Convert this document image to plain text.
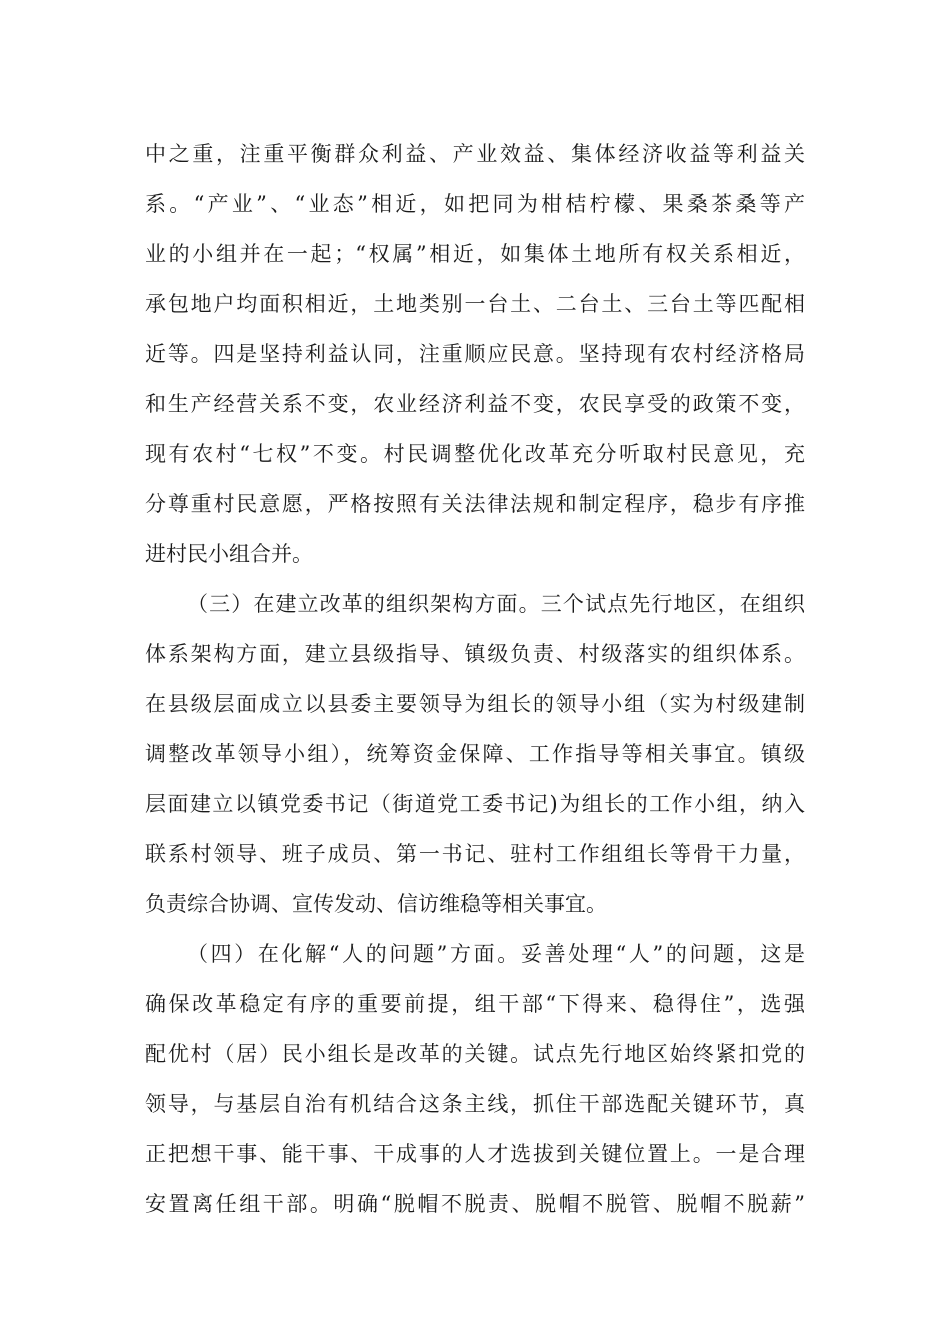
中之重，注重平衡群众利益、产业效益、集体经济收益等利益关
系。“产业”、“业态”相近，如把同为柑桔柠檬、果桑茶桑等产
业的小组并在一起；“权属”相近，如集体土地所有权关系相近，
承包地户均面积相近，土地类别一台土、二台土、三台土等匹配相
近等。四是坚持利益认同，注重顺应民意。坚持现有农村经济格局
和生产经营关系不变，农业经济利益不变，农民享受的政策不变，
现有农村“七权”不变。村民调整优化改革充分听取村民意见，充
分尊重村民意愿，严格按照有关法律法规和制定程序，稳步有序推
进村民小组合并。
（三）在建立改革的组织架构方面。三个试点先行地区，在组织
体系架构方面，建立县级指导、镇级负责、村级落实的组织体系。
在县级层面成立以县委主要领导为组长的领导小组（实为村级建制
调整改革领导小组），统筹资金保障、工作指导等相关事宜。镇级
层面建立以镇党委书记（街道党工委书记)为组长的工作小组，纳入
联系村领导、班子成员、第一书记、驻村工作组组长等骨干力量，
负责综合协调、宣传发动、信访维稳等相关事宜。
（四）在化解“人的问题”方面。妥善处理“人”的问题，这是
确保改革稳定有序的重要前提，组干部“下得来、稳得住”，选强
配优村（居）民小组长是改革的关键。试点先行地区始终紧扣党的
领导，与基层自治有机结合这条主线，抓住干部选配关键环节，真
正把想干事、能干事、干成事的人才选拔到关键位置上。一是合理
安置离任组干部。明确“脱帽不脱责、脱帽不脱管、脱帽不脱薪”
